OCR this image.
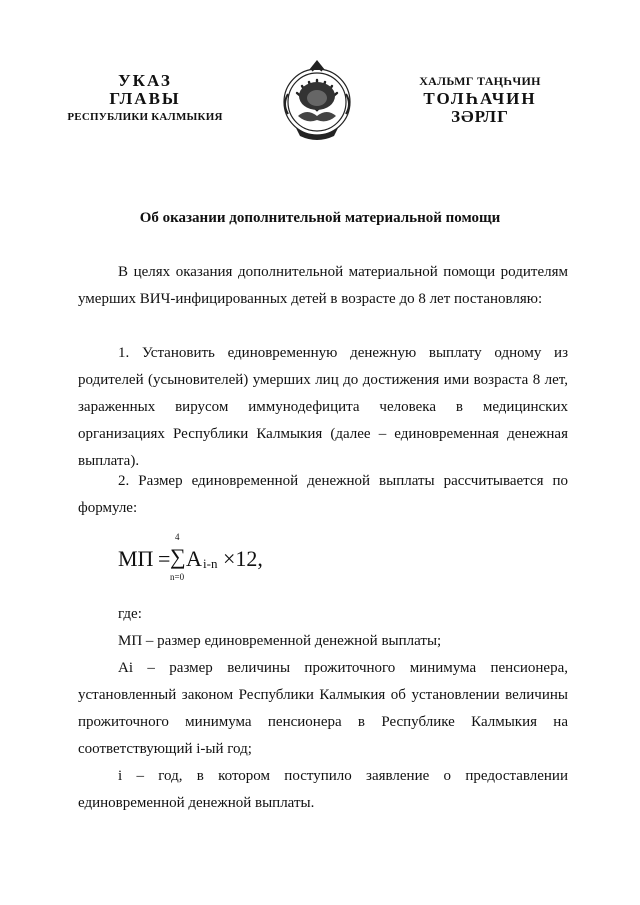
УКАЗ
ГЛАВЫ
РЕСПУБЛИКИ КАЛМЫКИЯ
ХАЛЬМГ ТАҢҺЧИН
ТОЛҺАЧИН
ЗӘРЛГ
Об оказании дополнительной материальной помощи

В целях оказания дополнительной материальной помощи родителям умерших ВИЧ-инфицированных детей в возрасте до 8 лет постановляю:

1. Установить единовременную денежную выплату одному из родителей (усыновителей) умерших лиц до достижения ими возраста 8 лет, зараженных вирусом иммунодефицита человека в медицинских организациях Республики Калмыкия (далее – единовременная денежная выплата).

2. Размер единовременной денежной выплаты рассчитывается по формуле:

МП =
4
∑
n=0
A i-n ×12,
где:

МП – размер единовременной денежной выплаты;

Ai – размер величины прожиточного минимума пенсионера, установленный законом Республики Калмыкия об установлении величины прожиточного минимума пенсионера в Республике Калмыкия на соответствующий i-ый год;

i – год, в котором поступило заявление о предоставлении единовременной денежной выплаты.
